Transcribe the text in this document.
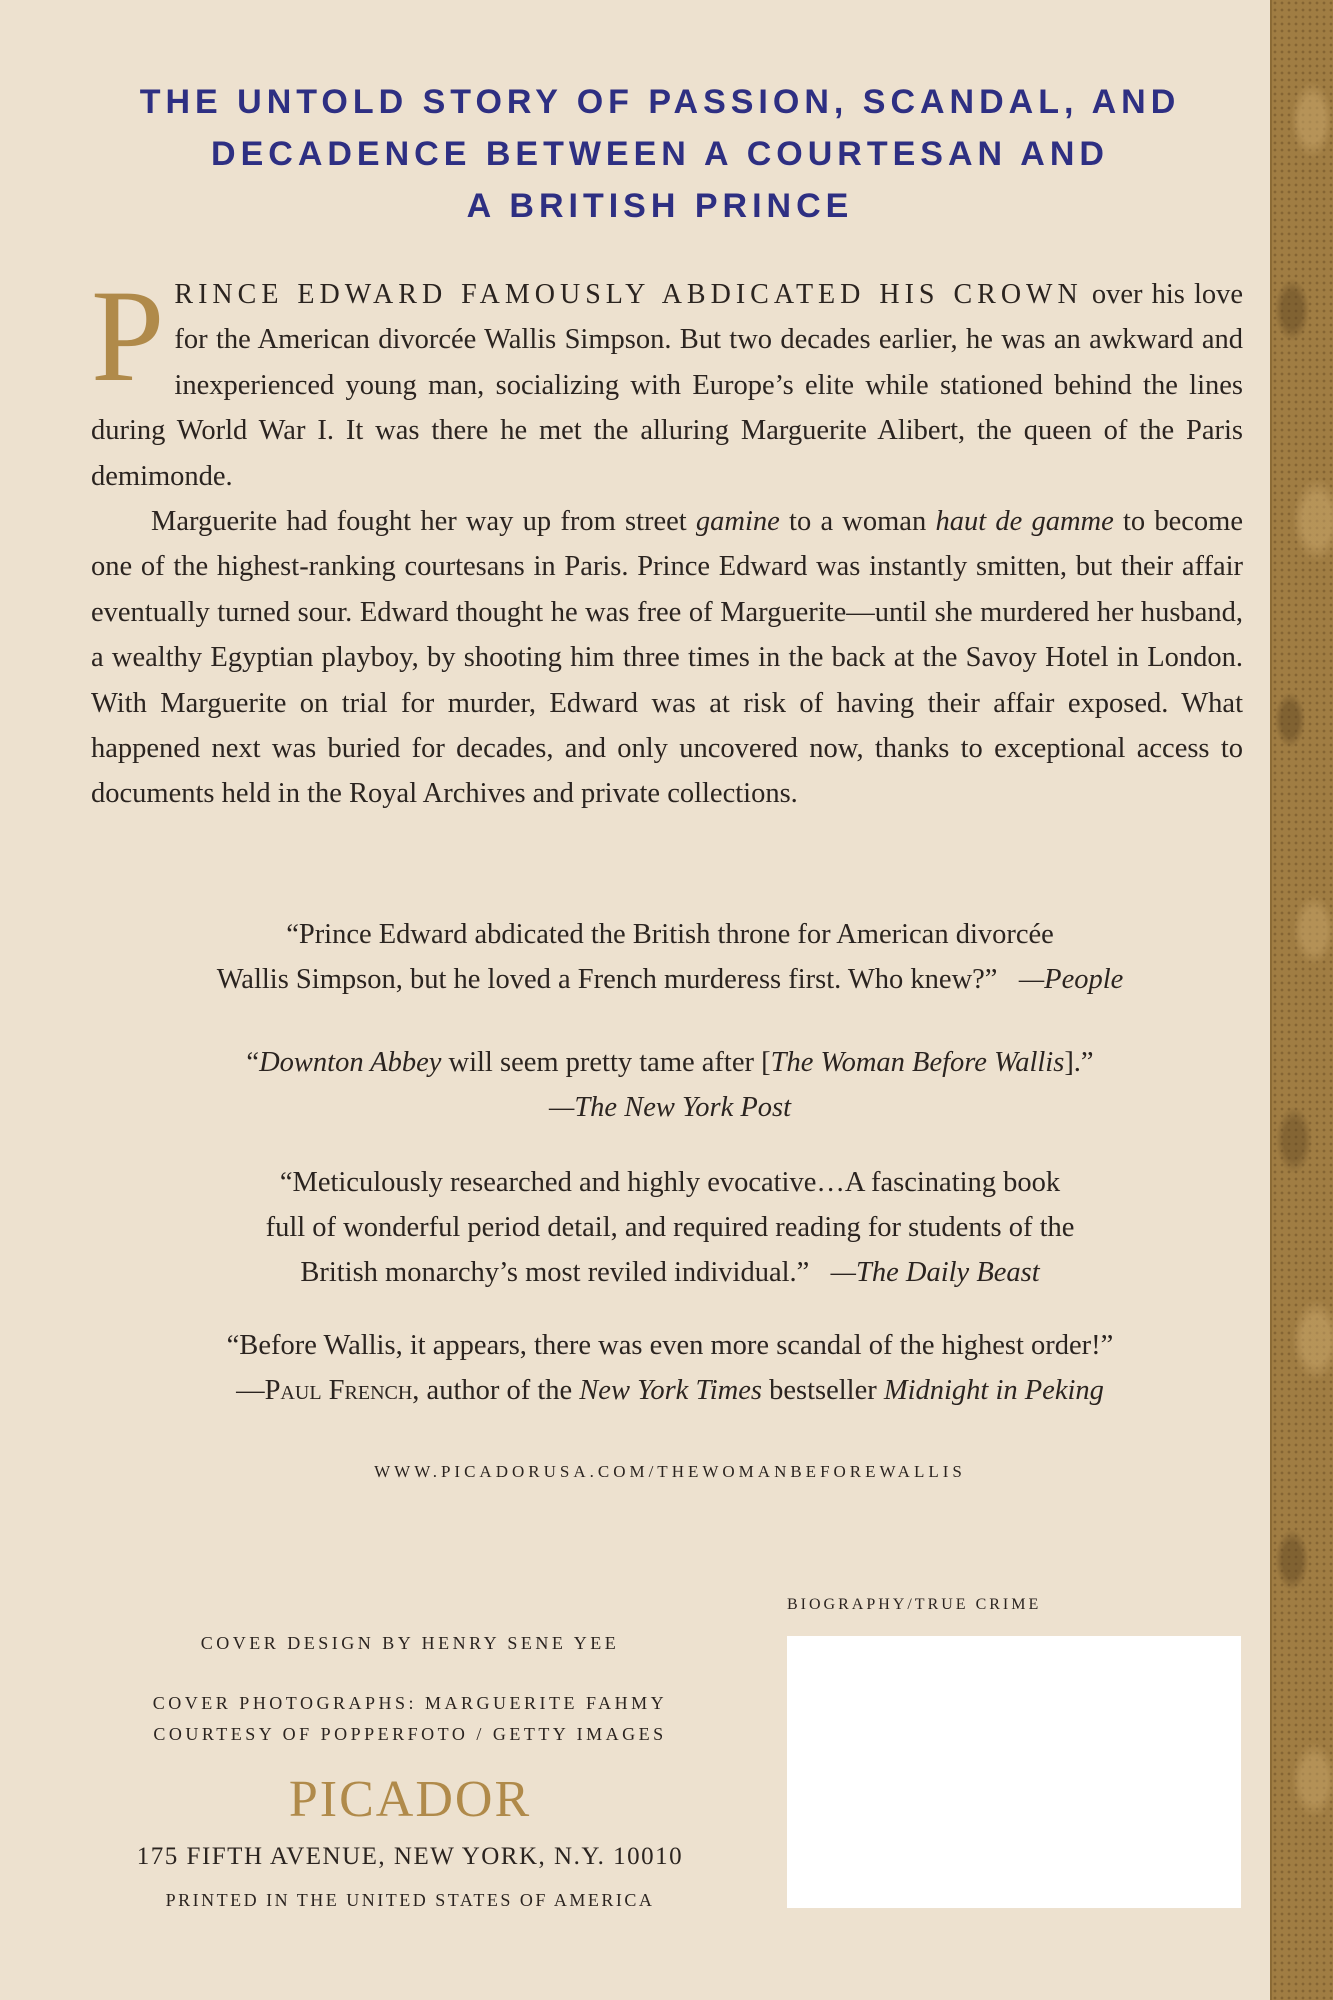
THE UNTOLD STORY OF PASSION, SCANDAL, AND
DECADENCE BETWEEN A COURTESAN AND
A BRITISH PRINCE

PRINCE EDWARD FAMOUSLY ABDICATED HIS CROWN over his love for the American divorcée Wallis Simpson. But two decades earlier, he was an awkward and inexperienced young man, socializing with Europe’s elite while stationed behind the lines during World War I. It was there he met the alluring Marguerite Alibert, the queen of the Paris demimonde.

Marguerite had fought her way up from street gamine to a woman haut de gamme to become one of the highest-ranking courtesans in Paris. Prince Edward was instantly smitten, but their affair eventually turned sour. Edward thought he was free of Marguerite—until she murdered her husband, a wealthy Egyptian playboy, by shooting him three times in the back at the Savoy Hotel in London. With Marguerite on trial for murder, Edward was at risk of having their affair exposed. What happened next was buried for decades, and only uncovered now, thanks to exceptional access to documents held in the Royal Archives and private collections.

“Prince Edward abdicated the British throne for American divorcée
Wallis Simpson, but he loved a French murderess first. Who knew?” —People
“Downton Abbey will seem pretty tame after [The Woman Before Wallis].”
—The New York Post
“Meticulously researched and highly evocative…A fascinating book
full of wonderful period detail, and required reading for students of the
British monarchy’s most reviled individual.” —The Daily Beast
“Before Wallis, it appears, there was even more scandal of the highest order!”
—Paul French, author of the New York Times bestseller Midnight in Peking
WWW.PICADORUSA.COM/THEWOMANBEFOREWALLIS
BIOGRAPHY/TRUE CRIME
COVER DESIGN BY HENRY SENE YEE
COVER PHOTOGRAPHS: MARGUERITE FAHMY
COURTESY OF POPPERFOTO / GETTY IMAGES
PICADOR
175 FIFTH AVENUE, NEW YORK, N.Y. 10010
PRINTED IN THE UNITED STATES OF AMERICA
